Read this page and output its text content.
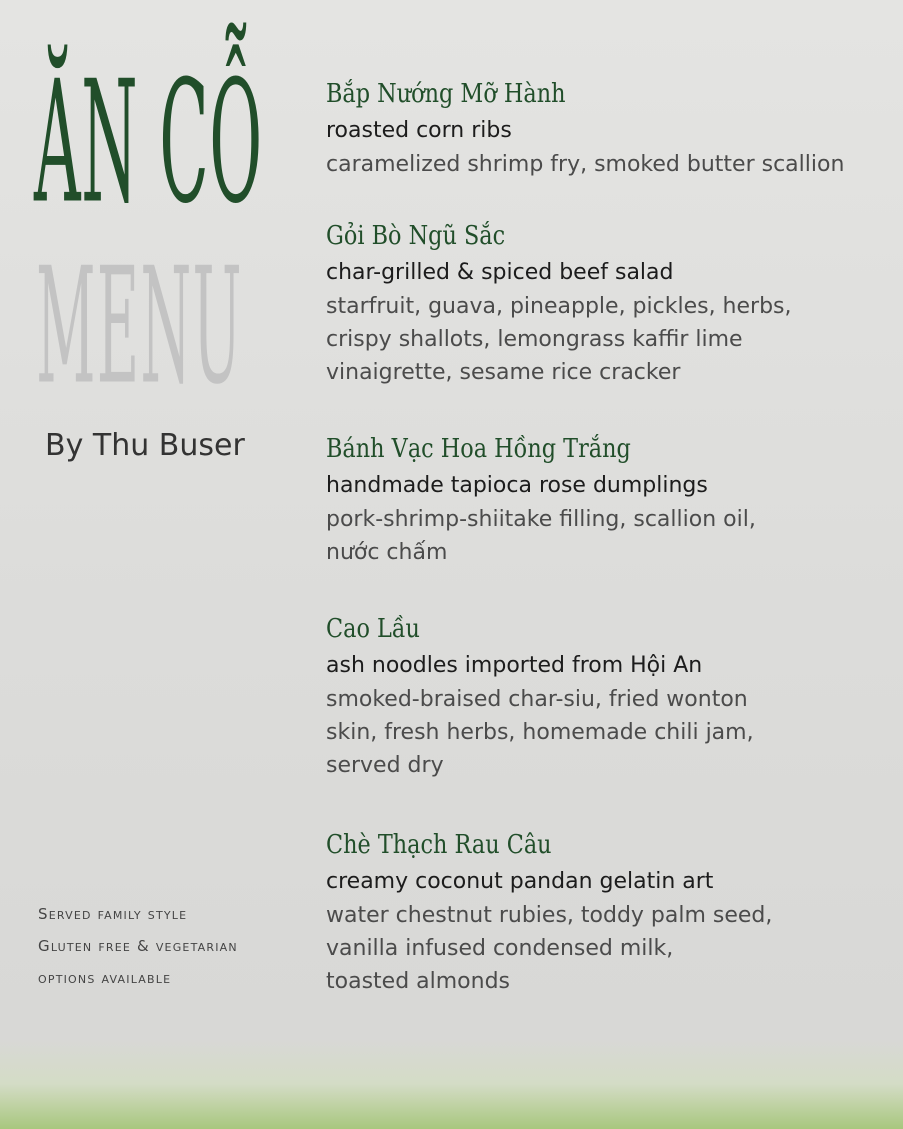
ĂN CỖ
MENU
By Thu Buser
Served family style
Gluten free & vegetarian
options available
Bắp Nướng Mỡ Hành
roasted corn ribs
caramelized shrimp fry, smoked butter scallion
Gỏi Bò Ngũ Sắc
char-grilled & spiced beef salad
starfruit, guava, pineapple, pickles, herbs,
crispy shallots, lemongrass kaffir lime
vinaigrette, sesame rice cracker
Bánh Vạc Hoa Hồng Trắng
handmade tapioca rose dumplings
pork-shrimp-shiitake filling, scallion oil,
nước chấm
Cao Lầu
ash noodles imported from Hội An
smoked-braised char-siu, fried wonton
skin, fresh herbs, homemade chili jam,
served dry
Chè Thạch Rau Câu
creamy coconut pandan gelatin art
water chestnut rubies, toddy palm seed,
vanilla infused condensed milk,
toasted almonds
